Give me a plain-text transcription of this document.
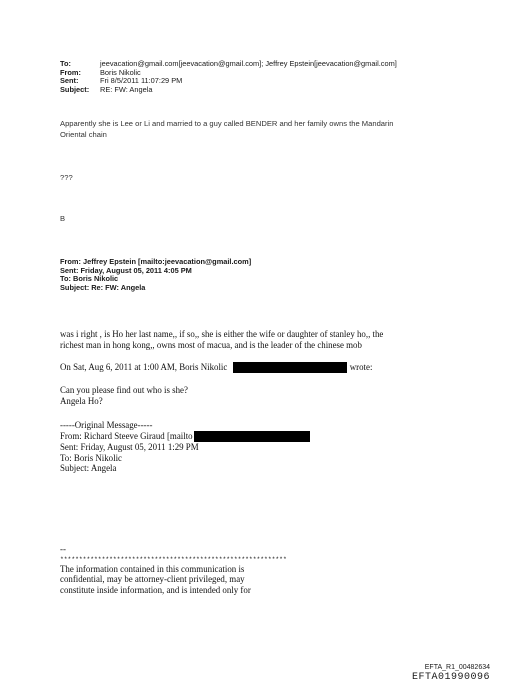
To:	jeevacation@gmail.com[jeevacation@gmail.com]; Jeffrey Epstein[jeevacation@gmail.com]
From:	Boris Nikolic
Sent:	Fri 8/5/2011 11:07:29 PM
Subject:	RE: FW: Angela
Apparently she is Lee or Li and married to a guy called BENDER and her family owns the Mandarin
Oriental chain
???
B
From: Jeffrey Epstein [mailto:jeevacation@gmail.com]
Sent: Friday, August 05, 2011 4:05 PM
To: Boris Nikolic
Subject: Re: FW: Angela
was i right , is Ho her last name,, if so,, she is either the wife or daughter of stanley ho,, the
richest man in hong kong,, owns most of macua, and is the leader of the chinese mob
On Sat, Aug 6, 2011 at 1:00 AM, Boris Nikolic	wrote:
Can you please find out who is she?
Angela Ho?
-----Original Message-----
From: Richard Steeve Giraud [mailto
Sent: Friday, August 05, 2011 1:29 PM
To: Boris Nikolic
Subject: Angela
--
************************************************************
The information contained in this communication is
confidential, may be attorney-client privileged, may
constitute inside information, and is intended only for
EFTA_R1_00482634
EFTA01990096
